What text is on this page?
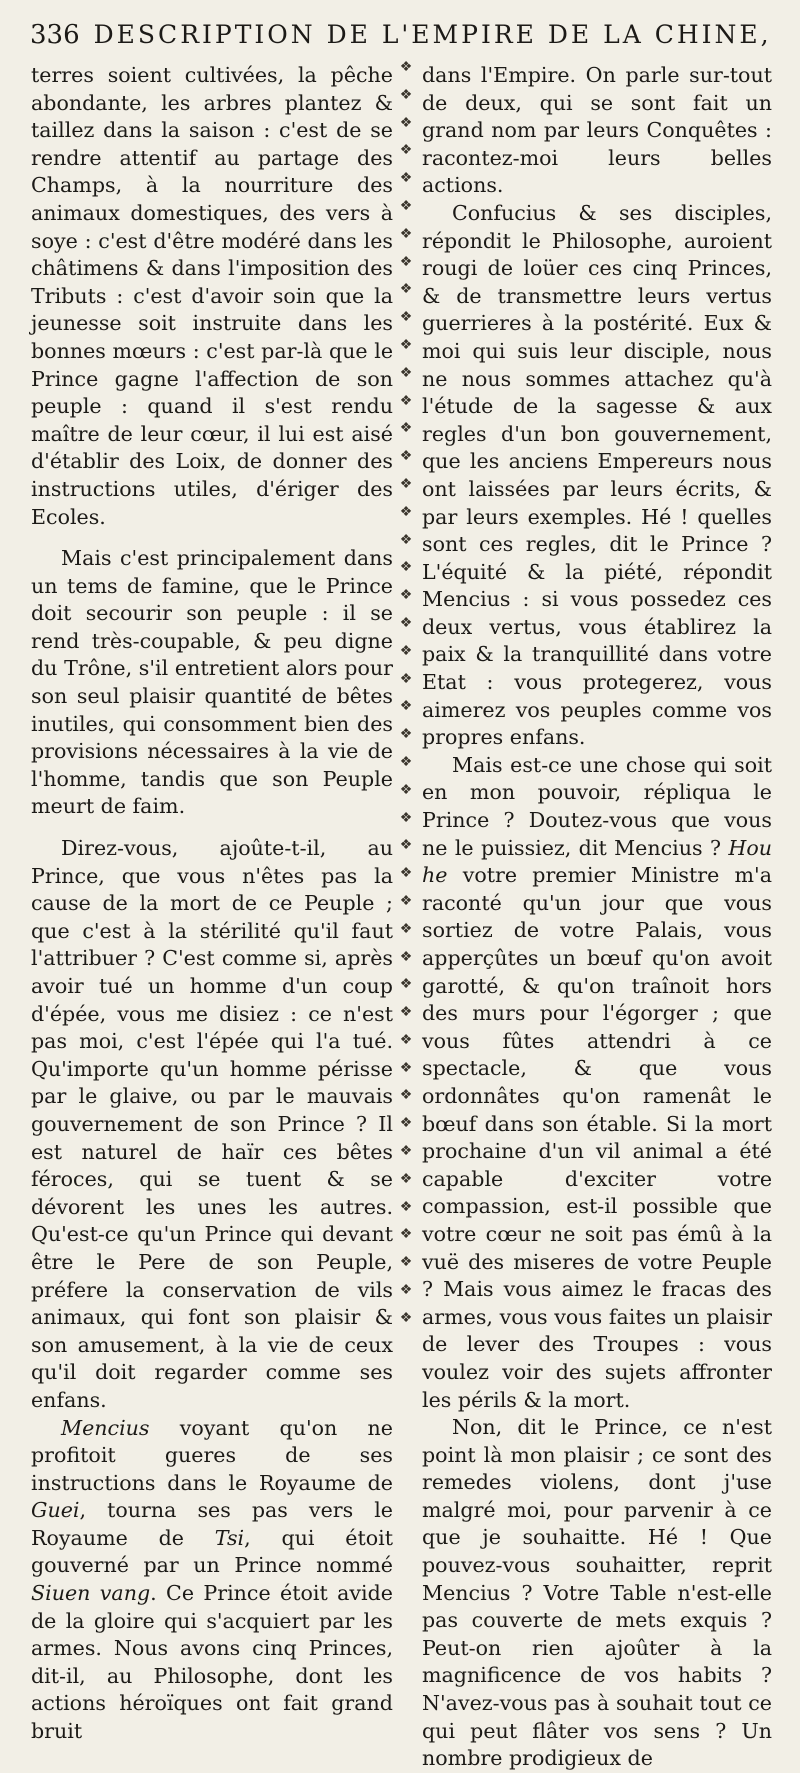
336 DESCRIPTION DE L'EMPIRE DE LA CHINE,

terres soient cultivées, la pêche abondante, les arbres plantez & taillez dans la saison : c'est de se rendre attentif au partage des Champs, à la nourriture des animaux domestiques, des vers à soye : c'est d'être modéré dans les châtimens & dans l'imposition des Tributs : c'est d'avoir soin que la jeunesse soit instruite dans les bonnes mœurs : c'est par-là que le Prince gagne l'affection de son peuple : quand il s'est rendu maître de leur cœur, il lui est aisé d'établir des Loix, de donner des instructions utiles, d'ériger des Ecoles.

Mais c'est principalement dans un tems de famine, que le Prince doit secourir son peuple : il se rend très-coupable, & peu digne du Trône, s'il entretient alors pour son seul plaisir quantité de bêtes inutiles, qui consomment bien des provisions nécessaires à la vie de l'homme, tandis que son Peuple meurt de faim.

Direz-vous, ajoûte-t-il, au Prince, que vous n'êtes pas la cause de la mort de ce Peuple ; que c'est à la stérilité qu'il faut l'attribuer ? C'est comme si, après avoir tué un homme d'un coup d'épée, vous me disiez : ce n'est pas moi, c'est l'épée qui l'a tué. Qu'importe qu'un homme périsse par le glaive, ou par le mauvais gouvernement de son Prince ? Il est naturel de haïr ces bêtes féroces, qui se tuent & se dévorent les unes les autres. Qu'est-ce qu'un Prince qui devant être le Pere de son Peuple, préfere la conservation de vils animaux, qui font son plaisir & son amusement, à la vie de ceux qu'il doit regarder comme ses enfans.

Mencius voyant qu'on ne profitoit gueres de ses instructions dans le Royaume de Guei, tourna ses pas vers le Royaume de Tsi, qui étoit gouverné par un Prince nommé Siuen vang. Ce Prince étoit avide de la gloire qui s'acquiert par les armes. Nous avons cinq Princes, dit-il, au Philosophe, dont les actions héroïques ont fait grand bruit

❖
❖
❖
❖
❖
❖
❖
❖
❖
❖
❖
❖
❖
❖
❖
❖
❖
❖
❖
❖
❖
❖
❖
❖
❖
❖
❖
❖
❖
❖
❖
❖
❖
❖
❖
❖
❖
❖
❖
❖
❖
❖
❖
❖
❖
❖

dans l'Empire. On parle sur-tout de deux, qui se sont fait un grand nom par leurs Conquêtes : racontez-moi leurs belles actions.

Confucius & ses disciples, répondit le Philosophe, auroient rougi de loüer ces cinq Princes, & de transmettre leurs vertus guerrieres à la postérité. Eux & moi qui suis leur disciple, nous ne nous sommes attachez qu'à l'étude de la sagesse & aux regles d'un bon gouvernement, que les anciens Empereurs nous ont laissées par leurs écrits, & par leurs exemples. Hé ! quelles sont ces regles, dit le Prince ? L'équité & la piété, répondit Mencius : si vous possedez ces deux vertus, vous établirez la paix & la tranquillité dans votre Etat : vous protegerez, vous aimerez vos peuples comme vos propres enfans.

Mais est-ce une chose qui soit en mon pouvoir, répliqua le Prince ? Doutez-vous que vous ne le puissiez, dit Mencius ? Hou he votre premier Ministre m'a raconté qu'un jour que vous sortiez de votre Palais, vous apperçûtes un bœuf qu'on avoit garotté, & qu'on traînoit hors des murs pour l'égorger ; que vous fûtes attendri à ce spectacle, & que vous ordonnâtes qu'on ramenât le bœuf dans son étable. Si la mort prochaine d'un vil animal a été capable d'exciter votre compassion, est-il possible que votre cœur ne soit pas émû à la vuë des miseres de votre Peuple ? Mais vous aimez le fracas des armes, vous vous faites un plaisir de lever des Troupes : vous voulez voir des sujets affronter les périls & la mort.

Non, dit le Prince, ce n'est point là mon plaisir ; ce sont des remedes violens, dont j'use malgré moi, pour parvenir à ce que je souhaitte. Hé ! Que pouvez-vous souhaitter, reprit Mencius ? Votre Table n'est-elle pas couverte de mets exquis ? Peut-on rien ajoûter à la magnificence de vos habits ? N'avez-vous pas à souhait tout ce qui peut flâter vos sens ? Un nombre prodigieux de
